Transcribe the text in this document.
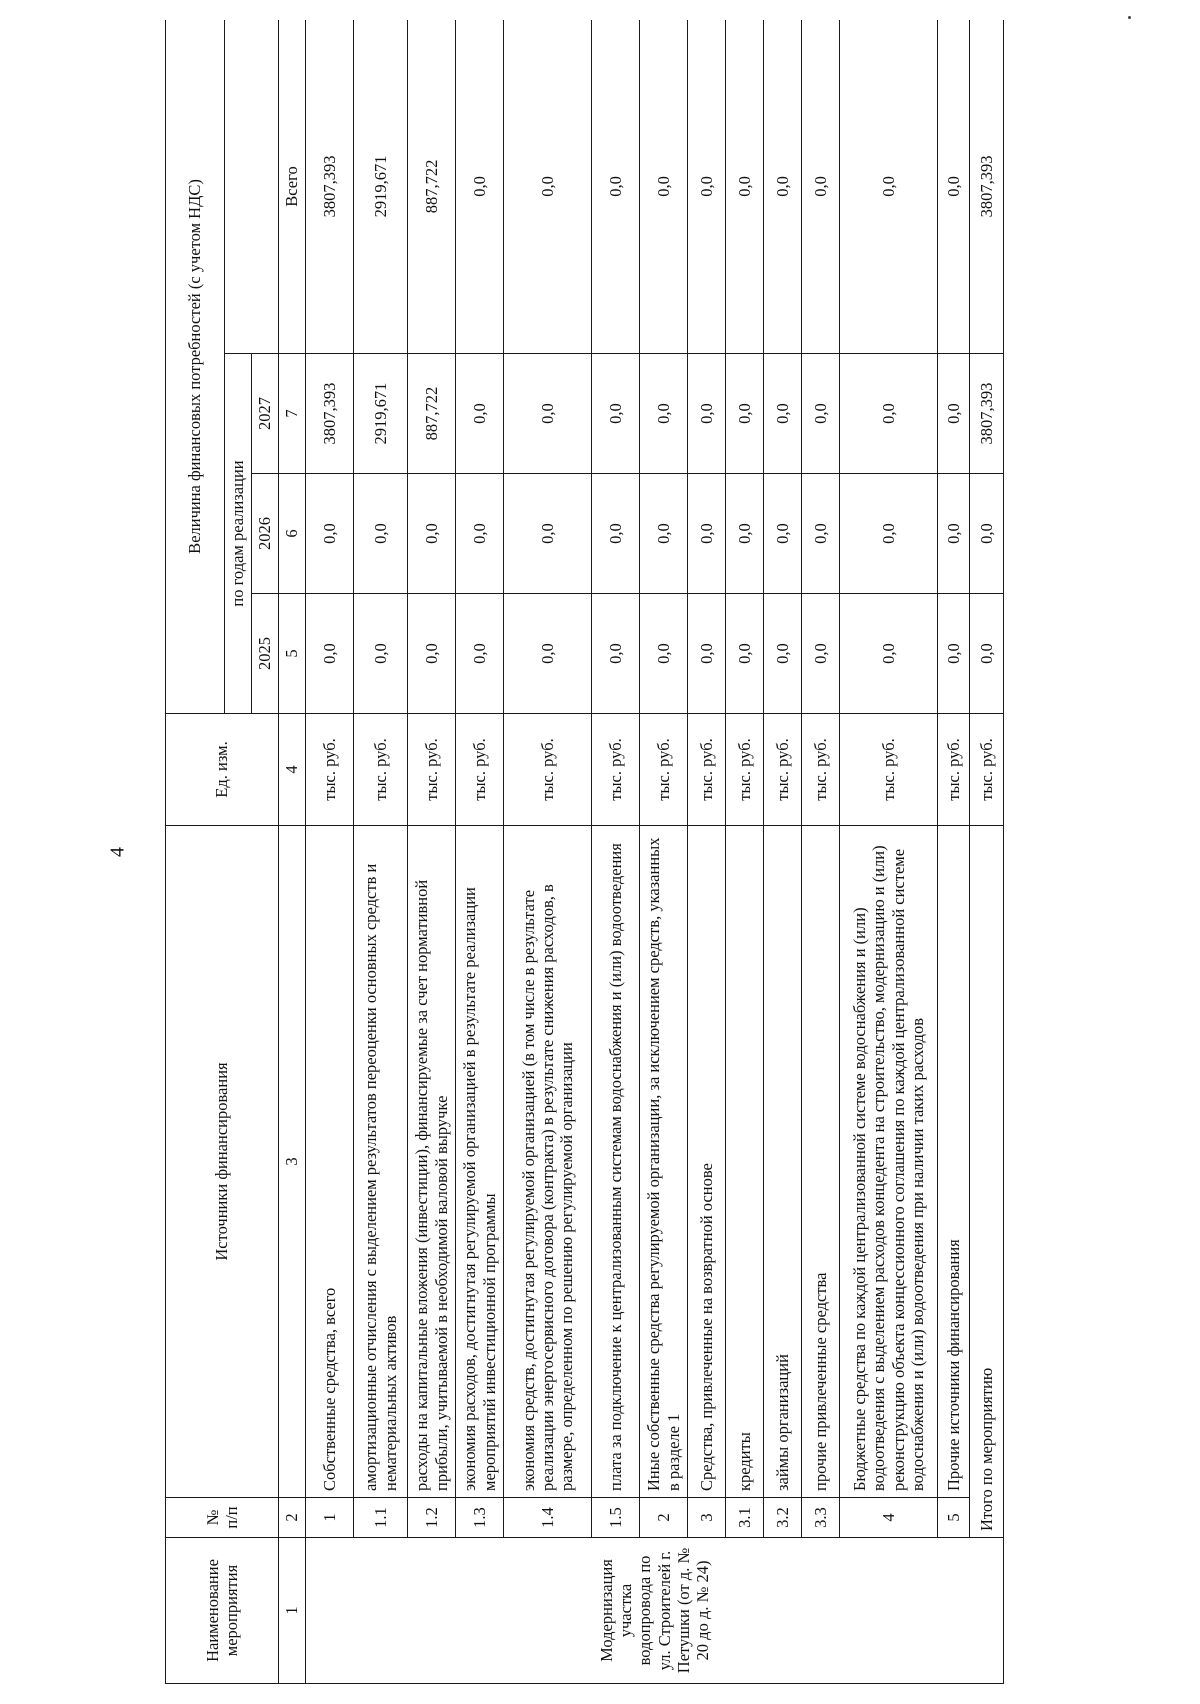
4
Наименование мероприятия	№ п/п	Источники финансирования	Ед. изм.	Величина финансовых потребностей (с учетом НДС)			
				по годам реализации			
				2025	2026	2027	
1	2	3	4	5	6	7	Всего
Модернизация участка водопровода по ул. Строителей г. Петушки (от д. № 20 до д. № 24)	1	Собственные средства, всего	тыс. руб.	0,0	0,0	3807,393	3807,393
	1.1	амортизационные отчисления с выделением результатов переоценки основных средств и нематериальных активов	тыс. руб.	0,0	0,0	2919,671	2919,671
	1.2	расходы на капитальные вложения (инвестиции), финансируемые за счет нормативной прибыли, учитываемой в необходимой валовой выручке	тыс. руб.	0,0	0,0	887,722	887,722
	1.3	экономия расходов, достигнутая регулируемой организацией в результате реализации мероприятий инвестиционной программы	тыс. руб.	0,0	0,0	0,0	0,0
	1.4	экономия средств, достигнутая регулируемой организацией (в том числе в результате реализации энергосервисного договора (контракта) в результате снижения расходов, в размере, определенном по решению регулируемой организации	тыс. руб.	0,0	0,0	0,0	0,0
	1.5	плата за подключение к централизованным системам водоснабжения и (или) водоотведения	тыс. руб.	0,0	0,0	0,0	0,0
	2	Иные собственные средства регулируемой организации, за исключением средств, указанных в разделе 1	тыс. руб.	0,0	0,0	0,0	0,0
	3	Средства, привлеченные на возвратной основе	тыс. руб.	0,0	0,0	0,0	0,0
	3.1	кредиты	тыс. руб.	0,0	0,0	0,0	0,0
	3.2	займы организаций	тыс. руб.	0,0	0,0	0,0	0,0
	3.3	прочие привлеченные средства	тыс. руб.	0,0	0,0	0,0	0,0
	4	Бюджетные средства по каждой централизованной системе водоснабжения и (или) водоотведения с выделением расходов концедента на строительство, модернизацию и (или) реконструкцию объекта концессионного соглашения по каждой централизованной системе водоснабжения и (или) водоотведения при наличии таких расходов	тыс. руб.	0,0	0,0	0,0	0,0
	5	Прочие источники финансирования	тыс. руб.	0,0	0,0	0,0	0,0
	Итого по мероприятию		тыс. руб.	0,0	0,0	3807,393	3807,393
